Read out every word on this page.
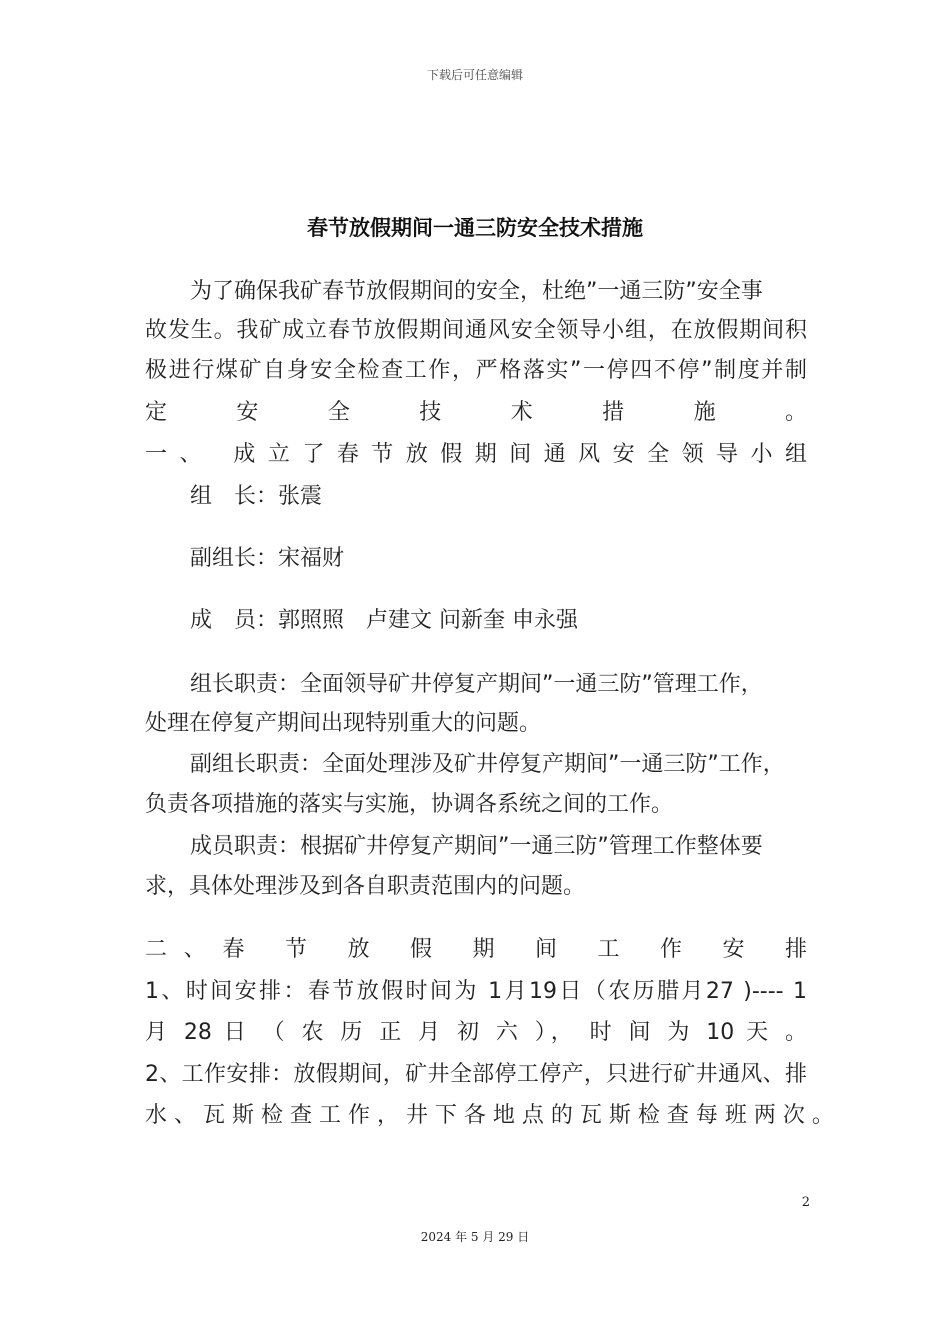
下载后可任意编辑
春节放假期间一通三防安全技术措施
为了确保我矿春节放假期间的安全，杜绝”一通三防”安全事
故发生。我矿成立春节放假期间通风安全领导小组，在放假期间积
极进行煤矿自身安全检查工作，严格落实”一停四不停”制度并制
定 安 全 技 术 措 施 。
一、 成立了春节放假期间通风安全领导小组
组　长：张震
副组长：宋福财
成　员：郭照照　卢建文 问新奎 申永强
组长职责：全面领导矿井停复产期间”一通三防”管理工作，
处理在停复产期间出现特别重大的问题。
副组长职责：全面处理涉及矿井停复产期间”一通三防”工作，
负责各项措施的落实与实施，协调各系统之间的工作。
成员职责：根据矿井停复产期间”一通三防”管理工作整体要
求，具体处理涉及到各自职责范围内的问题。
二、春 节 放 假 期 间 工 作 安 排
1、时间安排：春节放假时间为 1月19日（农历腊月27 )---- 1
月 28 日 （ 农 历 正 月 初 六 ）， 时 间 为 10 天 。
2、工作安排：放假期间，矿井全部停工停产，只进行矿井通风、排
水 、 瓦 斯 检 查 工 作 ， 井 下 各 地 点 的 瓦 斯 检 查 每 班 两 次 。
2
2024 年 5 月 29 日
